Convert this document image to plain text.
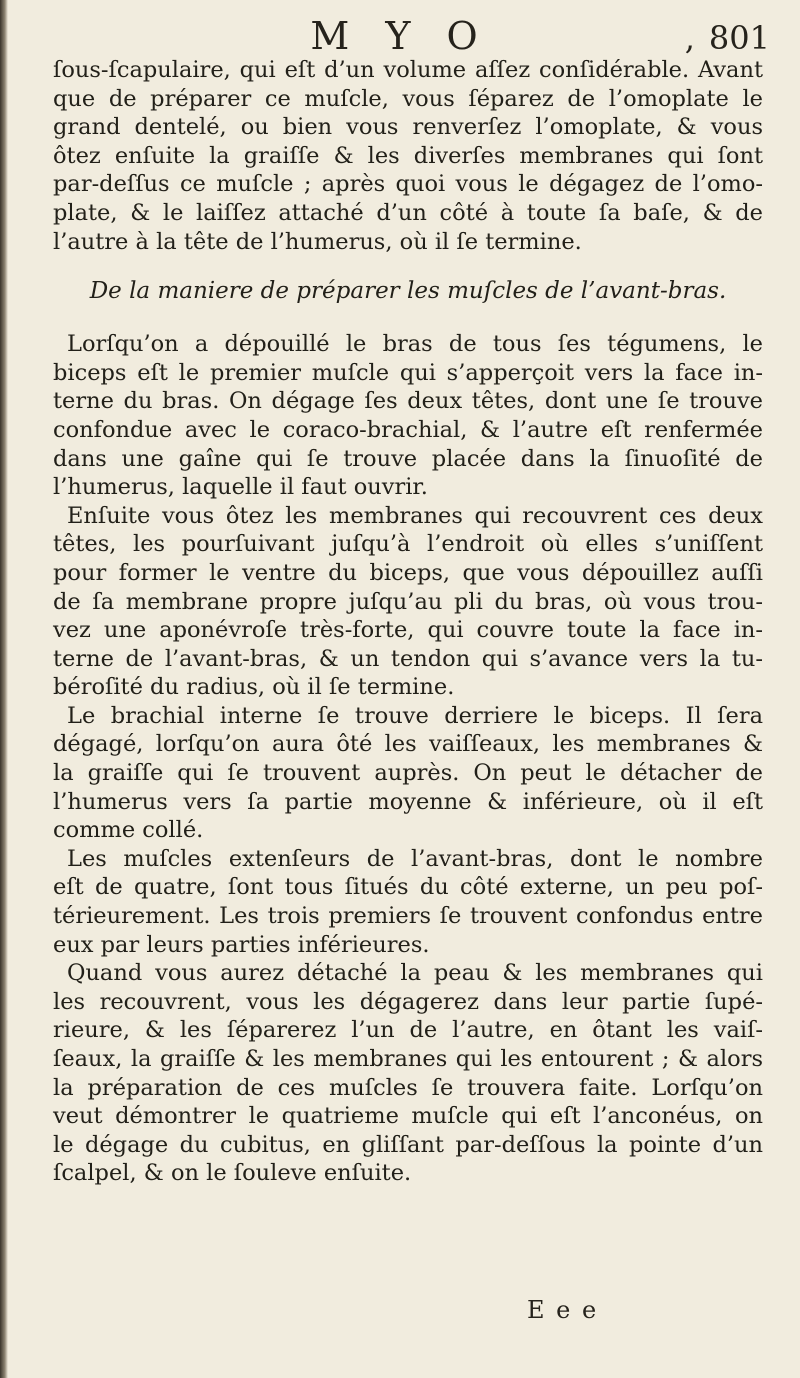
M Y O	, 801
ſous-ſcapulaire, qui eſt d’un volume aſſez conſidérable. Avant
que de préparer ce muſcle, vous ſéparez de l’omoplate le
grand dentelé, ou bien vous renverſez l’omoplate, & vous
ôtez enſuite la graiſſe & les diverſes membranes qui ſont
par-deſſus ce muſcle ; après quoi vous le dégagez de l’omo-
plate, & le laiſſez attaché d’un côté à toute ſa baſe, & de
l’autre à la tête de l’humerus, où il ſe termine.
De la maniere de préparer les muſcles de l’avant-bras.
Lorſqu’on a dépouillé le bras de tous ſes tégumens, le
biceps eſt le premier muſcle qui s’apperçoit vers la face in-
terne du bras. On dégage ſes deux têtes, dont une ſe trouve
confondue avec le coraco-brachial, & l’autre eſt renfermée
dans une gaîne qui ſe trouve placée dans la ſinuoſité de
l’humerus, laquelle il faut ouvrir.
Enſuite vous ôtez les membranes qui recouvrent ces deux
têtes, les pourſuivant juſqu’à l’endroit où elles s’uniſſent
pour former le ventre du biceps, que vous dépouillez auſſi
de ſa membrane propre juſqu’au pli du bras, où vous trou-
vez une aponévroſe très-forte, qui couvre toute la face in-
terne de l’avant-bras, & un tendon qui s’avance vers la tu-
béroſité du radius, où il ſe termine.
Le brachial interne ſe trouve derriere le biceps. Il ſera
dégagé, lorſqu’on aura ôté les vaiſſeaux, les membranes &
la graiſſe qui ſe trouvent auprès. On peut le détacher de
l’humerus vers ſa partie moyenne & inférieure, où il eſt
comme collé.
Les muſcles extenſeurs de l’avant-bras, dont le nombre
eſt de quatre, ſont tous ſitués du côté externe, un peu poſ-
térieurement. Les trois premiers ſe trouvent confondus entre
eux par leurs parties inférieures.
Quand vous aurez détaché la peau & les membranes qui
les recouvrent, vous les dégagerez dans leur partie ſupé-
rieure, & les ſéparerez l’un de l’autre, en ôtant les vaiſ-
ſeaux, la graiſſe & les membranes qui les entourent ; & alors
la préparation de ces muſcles ſe trouvera faite. Lorſqu’on
veut démontrer le quatrieme muſcle qui eſt l’anconéus, on
le dégage du cubitus, en gliſſant par-deſſous la pointe d’un
ſcalpel, & on le ſouleve enſuite.
E e e
